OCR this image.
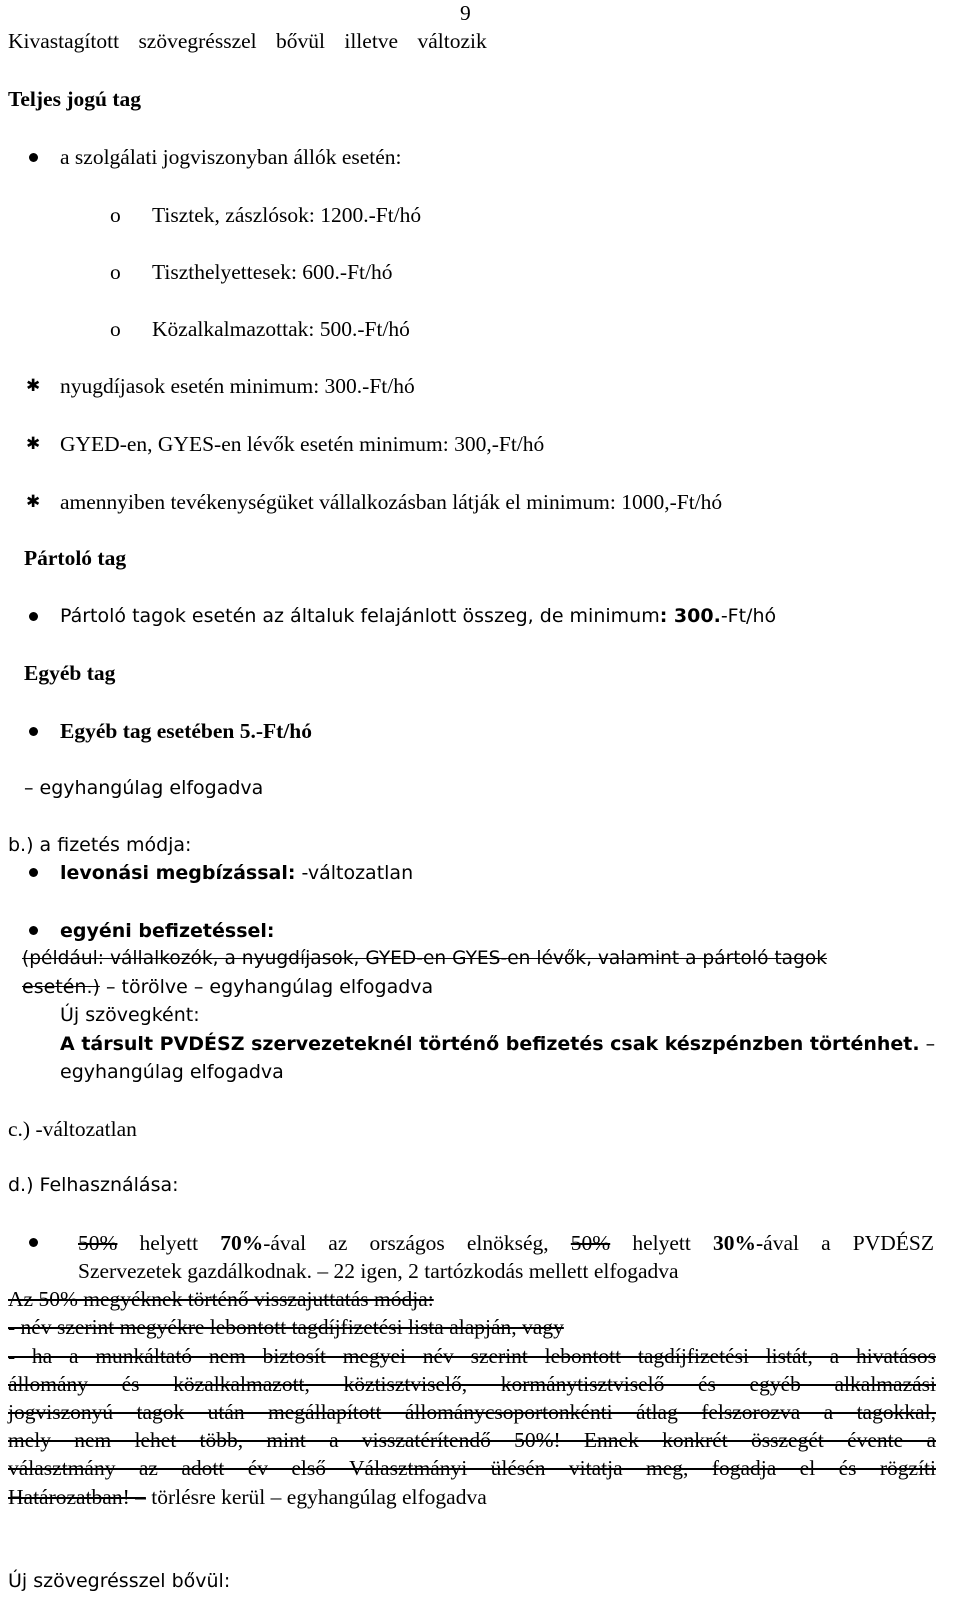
9
Kivastagított szövegrésszel bővül illetve változik
Teljes jogú tag
a szolgálati jogviszonyban állók esetén:
o Tisztek, zászlósok: 1200.-Ft/hó
o Tiszthelyettesek: 600.-Ft/hó
o Közalkalmazottak: 500.-Ft/hó
✱ nyugdíjasok esetén minimum: 300.-Ft/hó
✱ GYED-en, GYES-en lévők esetén minimum: 300,-Ft/hó
✱ amennyiben tevékenységüket vállalkozásban látják el minimum: 1000,-Ft/hó
Pártoló tag
Pártoló tagok esetén az általuk felajánlott összeg, de minimum: 300.-Ft/hó
Egyéb tag
Egyéb tag esetében 5.-Ft/hó
– egyhangúlag elfogadva
b.) a fizetés módja:
levonási megbízással: -változatlan
egyéni befizetéssel:
(például: vállalkozók, a nyugdíjasok, GYED-en GYES-en lévők, valamint a pártoló tagok
esetén.) – törölve – egyhangúlag elfogadva
Új szövegként:
A társult PVDÉSZ szervezeteknél történő befizetés csak készpénzben történhet. –
egyhangúlag elfogadva
c.) -változatlan
d.) Felhasználása:
50% helyett 70%-ával az országos elnökség, 50% helyett 30%-ával a PVDÉSZ
Szervezetek gazdálkodnak. – 22 igen, 2 tartózkodás mellett elfogadva
Az 50% megyéknek történő visszajuttatás módja:
- név szerint megyékre lebontott tagdíjfizetési lista alapján, vagy
- ha a munkáltató nem biztosít megyei név szerint lebontott tagdíjfizetési listát, a hivatásos
állomány és közalkalmazott, köztisztviselő, kormánytisztviselő és egyéb alkalmazási
jogviszonyú tagok után megállapított állománycsoportonkénti átlag felszorozva a tagokkal,
mely nem lehet több, mint a visszatérítendő 50%! Ennek konkrét összegét évente a
választmány az adott év első Választmányi ülésén vitatja meg, fogadja el és rögzíti
Határozatban! – törlésre kerül – egyhangúlag elfogadva
Új szövegrésszel bővül:
